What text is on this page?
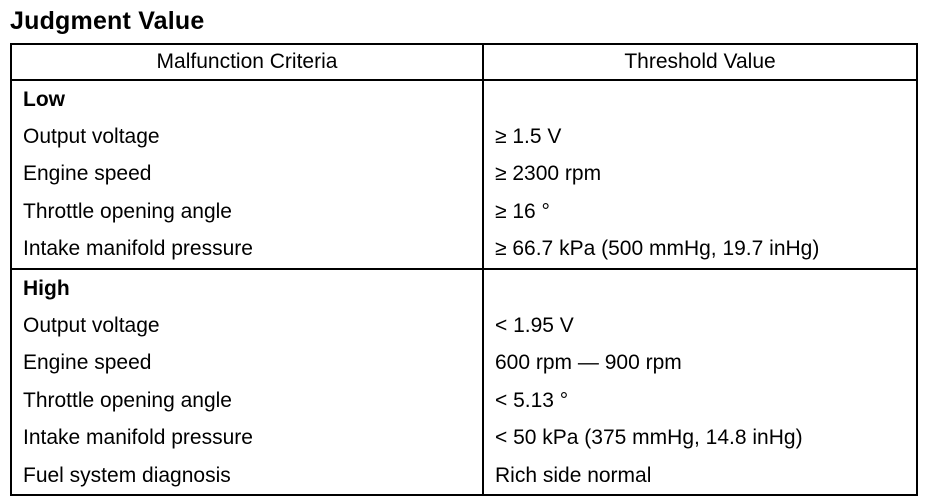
Judgment Value
Malfunction Criteria	Threshold Value
Low	
Output voltage	≥ 1.5 V
Engine speed	≥ 2300 rpm
Throttle opening angle	≥ 16 °
Intake manifold pressure	≥ 66.7 kPa (500 mmHg, 19.7 inHg)
High	
Output voltage	< 1.95 V
Engine speed	600 rpm — 900 rpm
Throttle opening angle	< 5.13 °
Intake manifold pressure	< 50 kPa (375 mmHg, 14.8 inHg)
Fuel system diagnosis	Rich side normal
